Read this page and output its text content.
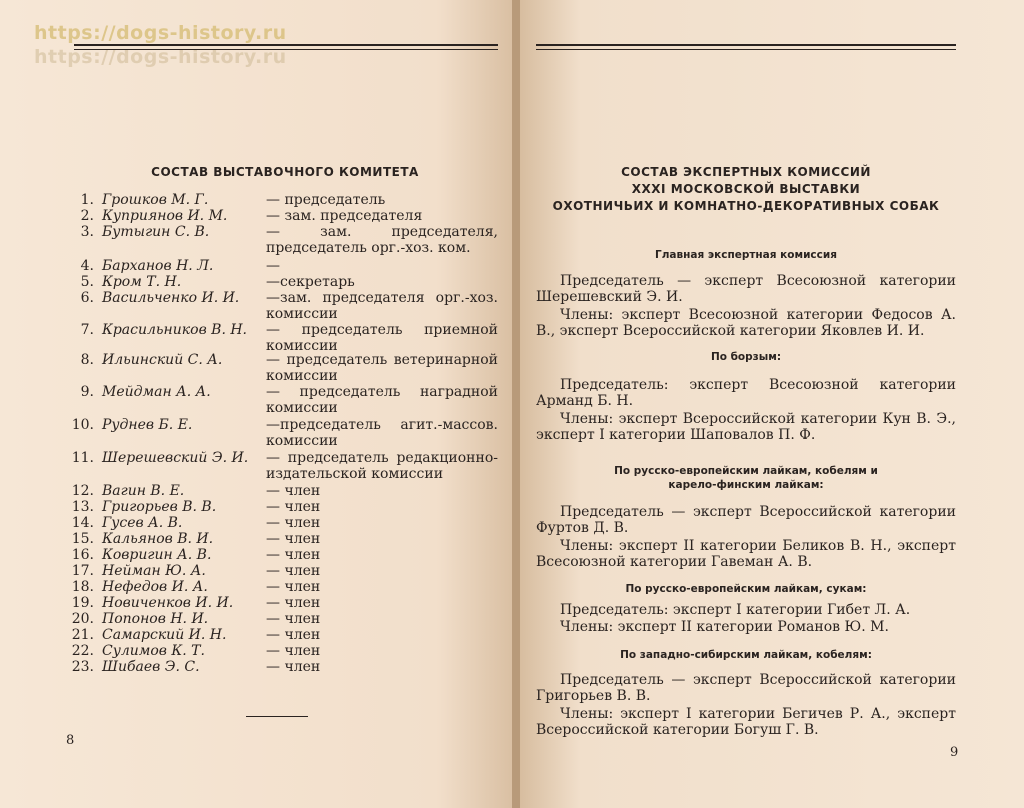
https://dogs-history.ru
https://dogs-history.ru
СОСТАВ ВЫСТАВОЧНОГО КОМИТЕТА
1. Грошков М. Г.	— председатель
2. Куприянов И. М.	— зам. председателя
3. Бутыгин С. В.	— зам. председателя, председатель орг.-хоз. ком.
4. Барханов Н. Л.	—
5. Кром Т. Н.	—секретарь
6. Васильченко И. И. —зам. председателя орг.-хоз. комиссии
7. Красильников В. Н. — председатель приемной комиссии
8. Ильинский С. А.	— председатель ветеринарной комиссии
9. Мейдман А. А.	— председатель наградной комиссии
10. Руднев Б. Е.	—председатель агит.-массов. комиссии
11. Шерешевский Э. И. — председатель редакционно-издательской комиссии
12. Вагин В. Е.	— член
13. Григорьев В. В.	— член
14. Гусев А. В.	— член
15. Кальянов В. И.	— член
16. Ковригин А. В.	— член
17. Нейман Ю. А.	— член
18. Нефедов И. А.	— член
19. Новиченков И. И. — член
20. Попонов Н. И.	— член
21. Самарский И. Н.	— член
22. Сулимов К. Т.	— член
23. Шибаев Э. С.	— член
8
СОСТАВ ЭКСПЕРТНЫХ КОМИССИЙ
XXXI МОСКОВСКОЙ ВЫСТАВКИ
ОХОТНИЧЬИХ И КОМНАТНО-ДЕКОРАТИВНЫХ СОБАК
Главная экспертная комиссия
Председатель — эксперт Всесоюзной категории Шерешевский Э. И.
Члены: эксперт Всесоюзной категории Федосов А. В., эксперт Всероссийской категории Яковлев И. И.
По борзым:
Председатель: эксперт Всесоюзной категории Арманд Б. Н.
Члены: эксперт Всероссийской категории Кун В. Э., эксперт I категории Шаповалов П. Ф.
По русско-европейским лайкам, кобелям и карело-финским лайкам:
Председатель — эксперт Всероссийской категории Фуртов Д. В.
Члены: эксперт II категории Беликов В. Н., эксперт Всесоюзной категории Гавеман А. В.
По русско-европейским лайкам, сукам:
Председатель: эксперт I категории Гибет Л. А.
Члены: эксперт II категории Романов Ю. М.
По западно-сибирским лайкам, кобелям:
Председатель — эксперт Всероссийской категории Григорьев В. В.
Члены: эксперт I категории Бегичев Р. А., эксперт Всероссийской категории Богуш Г. В.
9
